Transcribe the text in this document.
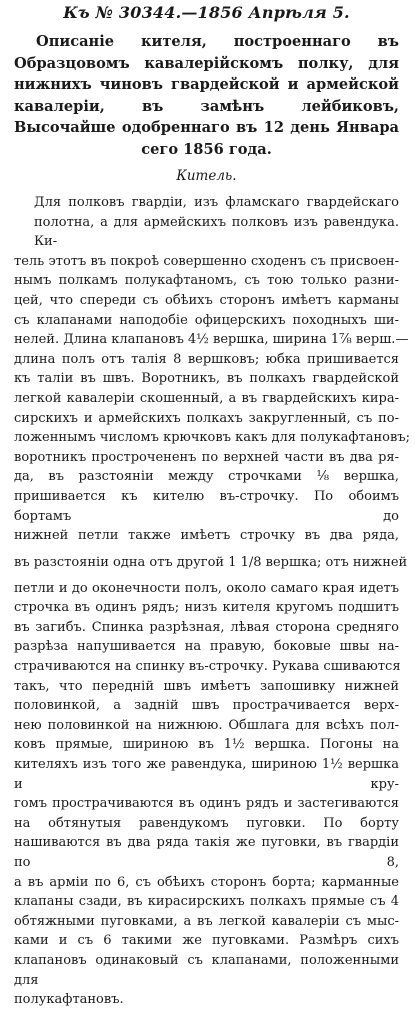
Къ № 30344.—1856 Апрѣля 5.
Описаніе кителя, построеннаго въ Образцовомъ кавалерійскомъ полку, для нижнихъ чиновъ гвардейской и армейской кавалеріи, въ замѣнъ лейбиковъ, Высочайше одобреннаго въ 12 день Январа сего 1856 года.
Китель.
Для полковъ гвардіи, изъ фламскаго гвардейскаго полотна, а для армейскихъ полковъ изъ равендука. Ки-
тель этотъ въ покроѣ совершенно сходенъ съ присвоен-
нымъ полкамъ полукафтаномъ, съ тою только разни-
цей, что спереди съ обѣихъ сторонъ имѣетъ карманы
съ клапанами наподобіе офицерскихъ походныхъ ши-
нелей. Длина клапановъ 4½ вершка, ширина 1⅞ верш.—
длина полъ отъ талія 8 вершковъ; юбка пришивается
къ таліи въ швъ. Воротникъ, въ полкахъ гвардейской
легкой кавалеріи скошенный, а въ гвардейскихъ кира-
сирскихъ и армейскихъ полкахъ закругленный, съ по-
ложеннымъ числомъ крючковъ какъ для полукафтановъ;
воротникъ прострочененъ по верхней части въ два ря-
да, въ разстояніи между строчками ⅛ вершка, пришивается къ кителю въ-строчку. По обоимъ бортамъ до
нижней петли также имѣетъ строчку въ два ряда,
въ разстояніи одна отъ другой 1 1/8 вершка; отъ нижней
петли и до оконечности полъ, около самаго края идетъ
строчка въ одинъ рядъ; низъ кителя кругомъ подшитъ
въ загибъ. Спинка разрѣзная, лѣвая сторона средняго
разрѣза напушивается на правую, боковые швы на-
страчиваются на спинку въ-строчку. Рукава сшиваются
такъ, что передній швъ имѣетъ запошивку нижней половинкой, а задній швъ прострачивается верх-
нею половинкой на нижнюю. Обшлага для всѣхъ пол-
ковъ прямые, шириною въ 1½ вершка. Погоны на кителяхъ изъ того же равендука, шириною 1½ вершка и кру-
гомъ прострачиваются въ одинъ рядъ и застегиваются
на обтянутыя равендукомъ пуговки. По борту нашиваются въ два ряда такія же пуговки, въ гвардіи по 8,
а въ арміи по 6, съ обѣихъ сторонъ борта; карманные
клапаны сзади, въ кирасирскихъ полкахъ прямые съ 4
обтяжными пуговками, а въ легкой кавалеріи съ мыс-
ками и съ 6 такими же пуговками. Размѣръ сихъ клапановъ одинаковый съ клапанами, положенными для
полукафтановъ.
